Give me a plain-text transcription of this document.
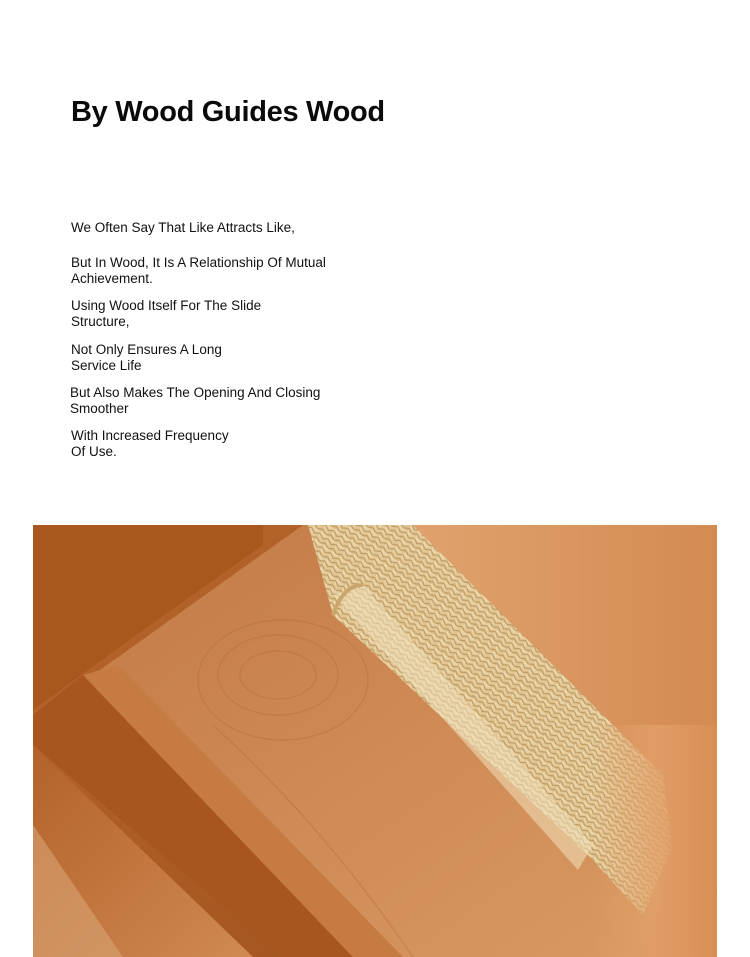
By Wood Guides Wood

We Often Say That Like Attracts Like,

But In Wood, It Is A Relationship Of Mutual
Achievement.

Using Wood Itself For The Slide
Structure,

Not Only Ensures A Long
Service Life

But Also Makes The Opening And Closing
Smoother

With Increased Frequency
Of Use.
